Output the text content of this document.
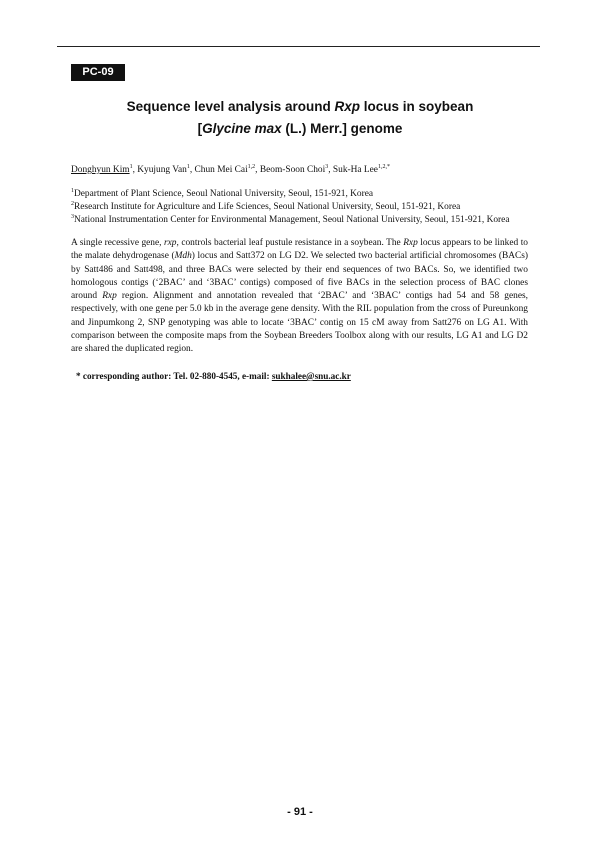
PC-09
Sequence level analysis around Rxp locus in soybean
[Glycine max (L.) Merr.] genome
Donghyun Kim$^1$, Kyujung Van$^1$, Chun Mei Cai$^{1,2}$, Beom-Soon Choi$^3$, Suk-Ha Lee$^{1,2,*}$
$^1$Department of Plant Science, Seoul National University, Seoul, 151-921, Korea
$^2$Research Institute for Agriculture and Life Sciences, Seoul National University, Seoul, 151-921, Korea
$^3$National Instrumentation Center for Environmental Management, Seoul National University, Seoul, 151-921, Korea
A single recessive gene, rxp, controls bacterial leaf pustule resistance in a soybean. The Rxp locus appears to be linked to the malate dehydrogenase (Mdh) locus and Satt372 on LG D2. We selected two bacterial artificial chromosomes (BACs) by Satt486 and Satt498, and three BACs were selected by their end sequences of two BACs. So, we identified two homologous contigs (‘2BAC’ and ‘3BAC’ contigs) composed of five BACs in the selection process of BAC clones around Rxp region. Alignment and annotation revealed that ‘2BAC’ and ‘3BAC’ contigs had 54 and 58 genes, respectively, with one gene per 5.0 kb in the average gene density. With the RIL population from the cross of Pureunkong and Jinpumkong 2, SNP genotyping was able to locate ‘3BAC’ contig on 15 cM away from Satt276 on LG A1. With comparison between the composite maps from the Soybean Breeders Toolbox along with our results, LG A1 and LG D2 are shared the duplicated region.
* corresponding author: Tel. 02-880-4545, e-mail: sukhalee@snu.ac.kr
- 91 -
